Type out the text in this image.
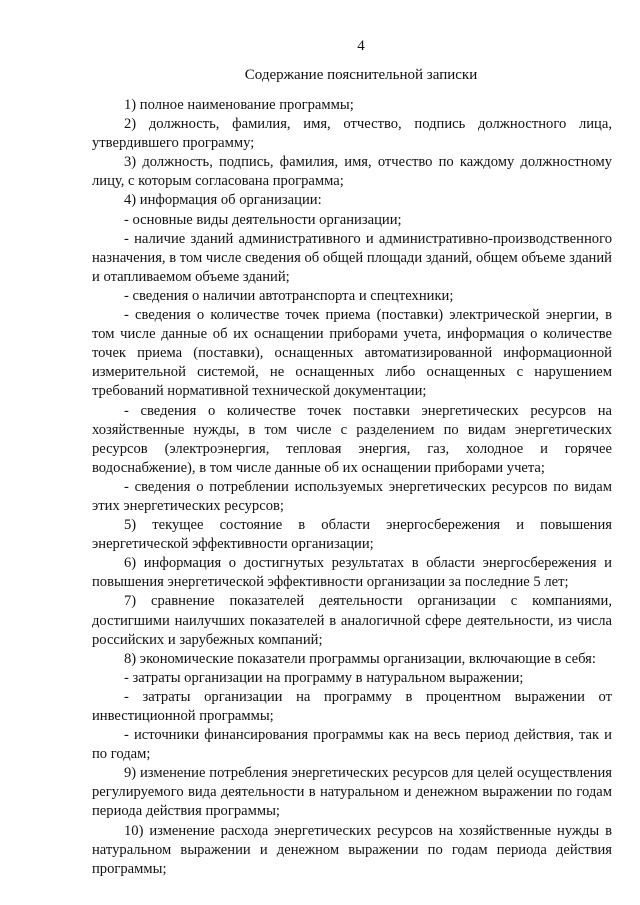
4
Содержание пояснительной записки

1) полное наименование программы;

2) должность, фамилия, имя, отчество, подпись должностного лица, утвердившего программу;

3) должность, подпись, фамилия, имя, отчество по каждому должностному лицу, с которым согласована программа;

4) информация об организации:

- основные виды деятельности организации;

- наличие зданий административного и административно-производственного назначения, в том числе сведения об общей площади зданий, общем объеме зданий и отапливаемом объеме зданий;

- сведения о наличии автотранспорта и спецтехники;

- сведения о количестве точек приема (поставки) электрической энергии, в том числе данные об их оснащении приборами учета, информация о количестве точек приема (поставки), оснащенных автоматизированной информационной измерительной системой, не оснащенных либо оснащенных с нарушением требований нормативной технической документации;

- сведения о количестве точек поставки энергетических ресурсов на хозяйственные нужды, в том числе с разделением по видам энергетических ресурсов (электроэнергия, тепловая энергия, газ, холодное и горячее водоснабжение), в том числе данные об их оснащении приборами учета;

- сведения о потреблении используемых энергетических ресурсов по видам этих энергетических ресурсов;

5) текущее состояние в области энергосбережения и повышения энергетической эффективности организации;

6) информация о достигнутых результатах в области энергосбережения и повышения энергетической эффективности организации за последние 5 лет;

7) сравнение показателей деятельности организации с компаниями, достигшими наилучших показателей в аналогичной сфере деятельности, из числа российских и зарубежных компаний;

8) экономические показатели программы организации, включающие в себя:

- затраты организации на программу в натуральном выражении;

- затраты организации на программу в процентном выражении от инвестиционной программы;

- источники финансирования программы как на весь период действия, так и по годам;

9) изменение потребления энергетических ресурсов для целей осуществления регулируемого вида деятельности в натуральном и денежном выражении по годам периода действия программы;

10) изменение расхода энергетических ресурсов на хозяйственные нужды в натуральном выражении и денежном выражении по годам периода действия программы;
